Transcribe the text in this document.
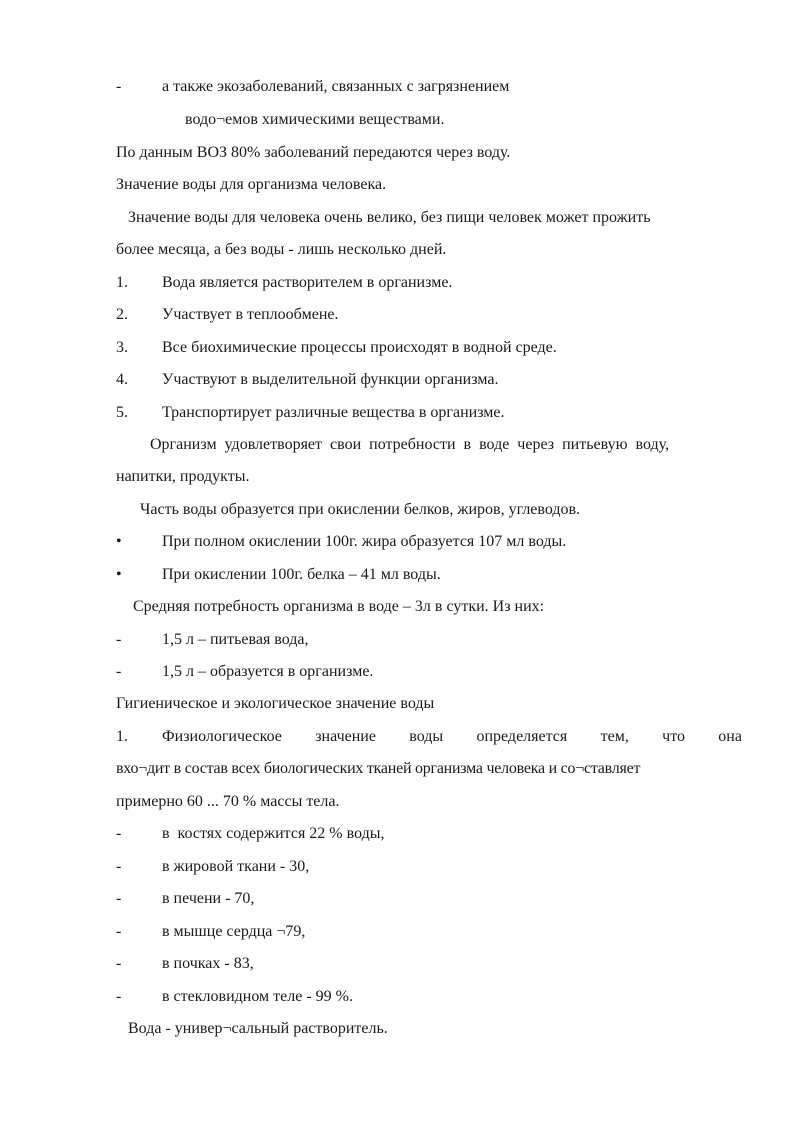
-	а также экозаболеваний, связанных с загрязнением
водо¬емов химическими веществами.
По данным ВОЗ 80% заболеваний передаются через воду.
Значение воды для организма человека.
Значение воды для человека очень велико, без пищи человек может прожить
более месяца, а без воды - лишь несколько дней.
1. Вода является растворителем в организме.
2. Участвует в теплообмене.
3. Все биохимические процессы происходят в водной среде.
4. Участвуют в выделительной функции организма.
5. Транспортирует различные вещества в организме.
Организм удовлетворяет свои потребности в воде через питьевую воду,
напитки, продукты.
Часть воды образуется при окислении белков, жиров, углеводов.
•	При полном окислении 100г. жира образуется 107 мл воды.
•	При окислении 100г. белка – 41 мл воды.
Средняя потребность организма в воде – 3л в сутки. Из них:
-	1,5 л – питьевая вода,
-	1,5 л – образуется в организме.
Гигиеническое и экологическое значение воды
1. Физиологическое значение воды определяется тем, что она
вхо¬дит в состав всех биологических тканей организма человека и со¬ставляет
примерно 60 ... 70 % массы тела.
-	в  костях содержится 22 % воды,
-	в жировой ткани - 30,
-	в печени - 70,
-	в мышце сердца ¬79,
-	в почках - 83,
-	в стекловидном теле - 99 %.
Вода - универ¬сальный растворитель.
